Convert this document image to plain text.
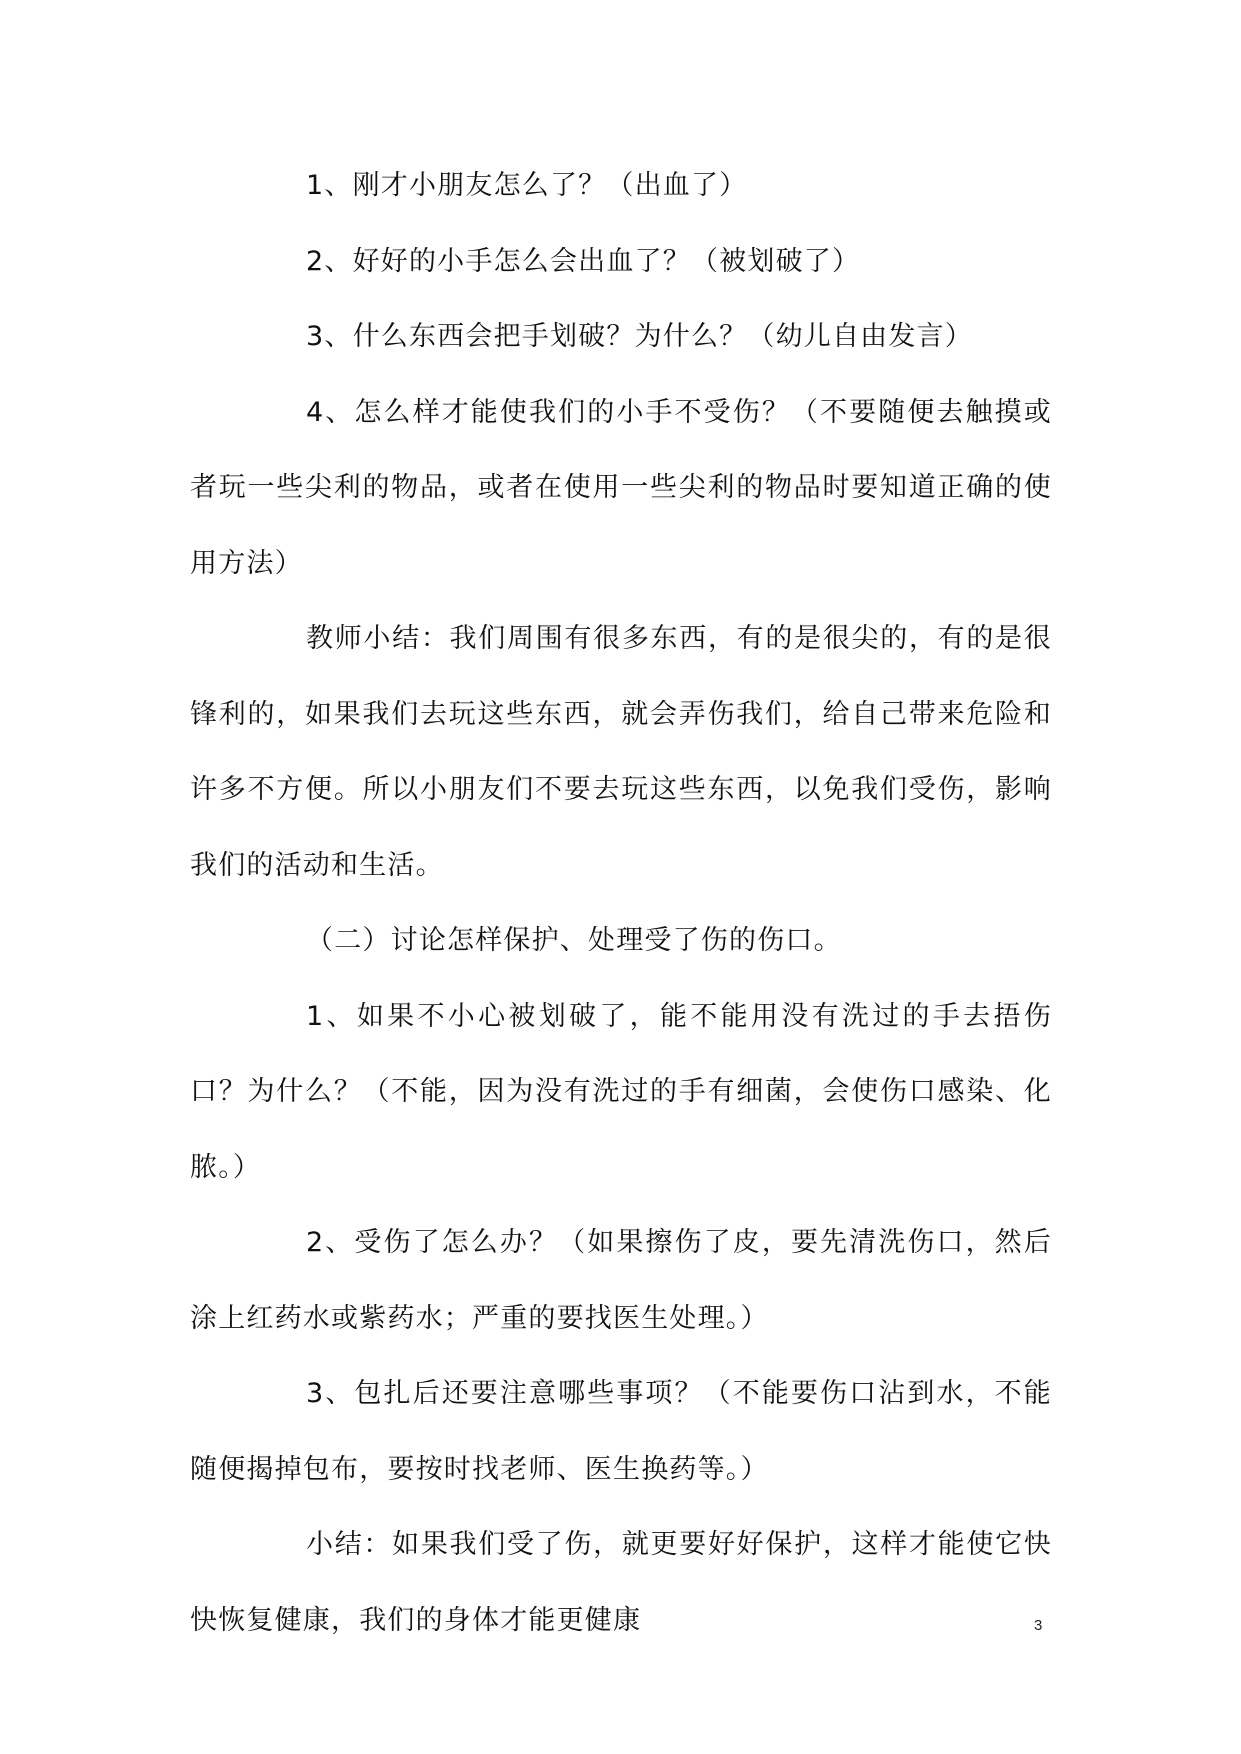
1、刚才小朋友怎么了？（出血了）

2、好好的小手怎么会出血了？（被划破了）

3、什么东西会把手划破？为什么？（幼儿自由发言）

4、怎么样才能使我们的小手不受伤？（不要随便去触摸或者玩一些尖利的物品，或者在使用一些尖利的物品时要知道正确的使用方法）

教师小结：我们周围有很多东西，有的是很尖的，有的是很锋利的，如果我们去玩这些东西，就会弄伤我们，给自己带来危险和许多不方便。所以小朋友们不要去玩这些东西，以免我们受伤，影响我们的活动和生活。

（二）讨论怎样保护、处理受了伤的伤口。

1、如果不小心被划破了，能不能用没有洗过的手去捂伤口？为什么？（不能，因为没有洗过的手有细菌，会使伤口感染、化脓。）

2、受伤了怎么办？（如果擦伤了皮，要先清洗伤口，然后涂上红药水或紫药水；严重的要找医生处理。）

3、包扎后还要注意哪些事项？（不能要伤口沾到水，不能随便揭掉包布，要按时找老师、医生换药等。）

小结：如果我们受了伤，就更要好好保护，这样才能使它快快恢复健康，我们的身体才能更健康	3
